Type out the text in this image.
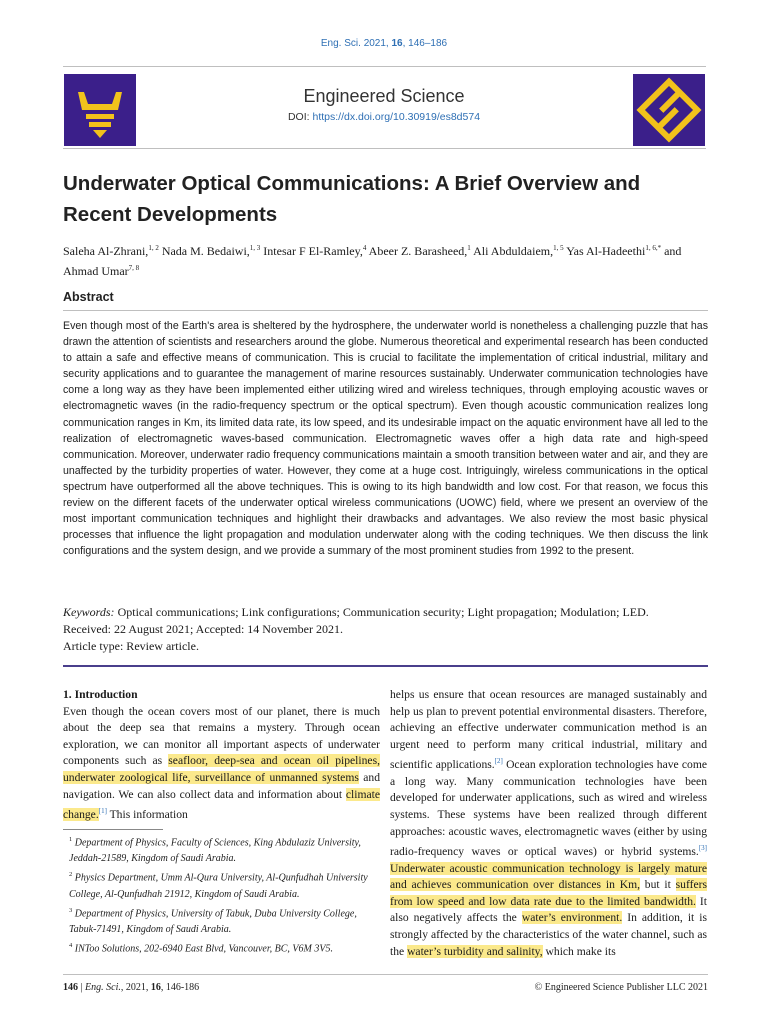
Eng. Sci. 2021, 16, 146–186
Engineered Science
DOI: https://dx.doi.org/10.30919/es8d574
Underwater Optical Communications: A Brief Overview and Recent Developments
Saleha Al-Zhrani,$^{1, 2}$ Nada M. Bedaiwi,$^{1, 3}$ Intesar F El-Ramley,$^4$ Abeer Z. Barasheed,$^1$ Ali Abduldaiem,$^{1, 5}$ Yas Al-Hadeethi$^{1, 6,*}$ and Ahmad Umar$^{7, 8}$
Abstract
Even though most of the Earth's area is sheltered by the hydrosphere, the underwater world is nonetheless a challenging puzzle that has drawn the attention of scientists and researchers around the globe. Numerous theoretical and experimental research has been conducted to attain a safe and effective means of communication. This is crucial to facilitate the implementation of critical industrial, military and security applications and to guarantee the management of marine resources sustainably. Underwater communication technologies have come a long way as they have been implemented either utilizing wired and wireless techniques, through employing acoustic waves or electromagnetic waves (in the radio-frequency spectrum or the optical spectrum). Even though acoustic communication realizes long communication ranges in Km, its limited data rate, its low speed, and its undesirable impact on the aquatic environment have all led to the realization of electromagnetic waves-based communication. Electromagnetic waves offer a high data rate and high-speed communication. Moreover, underwater radio frequency communications maintain a smooth transition between water and air, and they are unaffected by the turbidity properties of water. However, they come at a huge cost. Intriguingly, wireless communications in the optical spectrum have outperformed all the above techniques. This is owing to its high bandwidth and low cost. For that reason, we focus this review on the different facets of the underwater optical wireless communications (UOWC) field, where we present an overview of the most important communication techniques and highlight their drawbacks and advantages. We also review the most basic physical processes that influence the light propagation and modulation underwater along with the coding techniques. We then discuss the link configurations and the system design, and we provide a summary of the most prominent studies from 1992 to the present.
Keywords: Optical communications; Link configurations; Communication security; Light propagation; Modulation; LED.
Received: 22 August 2021; Accepted: 14 November 2021.
Article type: Review article.
1. Introduction
Even though the ocean covers most of our planet, there is much about the deep sea that remains a mystery. Through ocean exploration, we can monitor all important aspects of underwater components such as seafloor, deep-sea and ocean oil pipelines, underwater zoological life, surveillance of unmanned systems and navigation. We can also collect data and information about climate change.[1] This information
$^1$ Department of Physics, Faculty of Sciences, King Abdulaziz University, Jeddah-21589, Kingdom of Saudi Arabia.
$^2$ Physics Department, Umm Al-Qura University, Al-Qunfudhah University College, Al-Qunfudhah 21912, Kingdom of Saudi Arabia.
$^3$ Department of Physics, University of Tabuk, Duba University College, Tabuk-71491, Kingdom of Saudi Arabia.
$^4$ INToo Solutions, 202-6940 East Blvd, Vancouver, BC, V6M 3V5.
helps us ensure that ocean resources are managed sustainably and help us plan to prevent potential environmental disasters. Therefore, achieving an effective underwater communication method is an urgent need to perform many critical industrial, military and scientific applications.[2] Ocean exploration technologies have come a long way. Many communication technologies have been developed for underwater applications, such as wired and wireless systems. These systems have been realized through different approaches: acoustic waves, electromagnetic waves (either by using radio-frequency waves or optical waves) or hybrid systems.[3] Underwater acoustic communication technology is largely mature and achieves communication over distances in Km, but it suffers from low speed and low data rate due to the limited bandwidth. It also negatively affects the water’s environment. In addition, it is strongly affected by the characteristics of the water channel, such as the water’s turbidity and salinity, which make its
146 | Eng. Sci., 2021, 16, 146-186	© Engineered Science Publisher LLC 2021
